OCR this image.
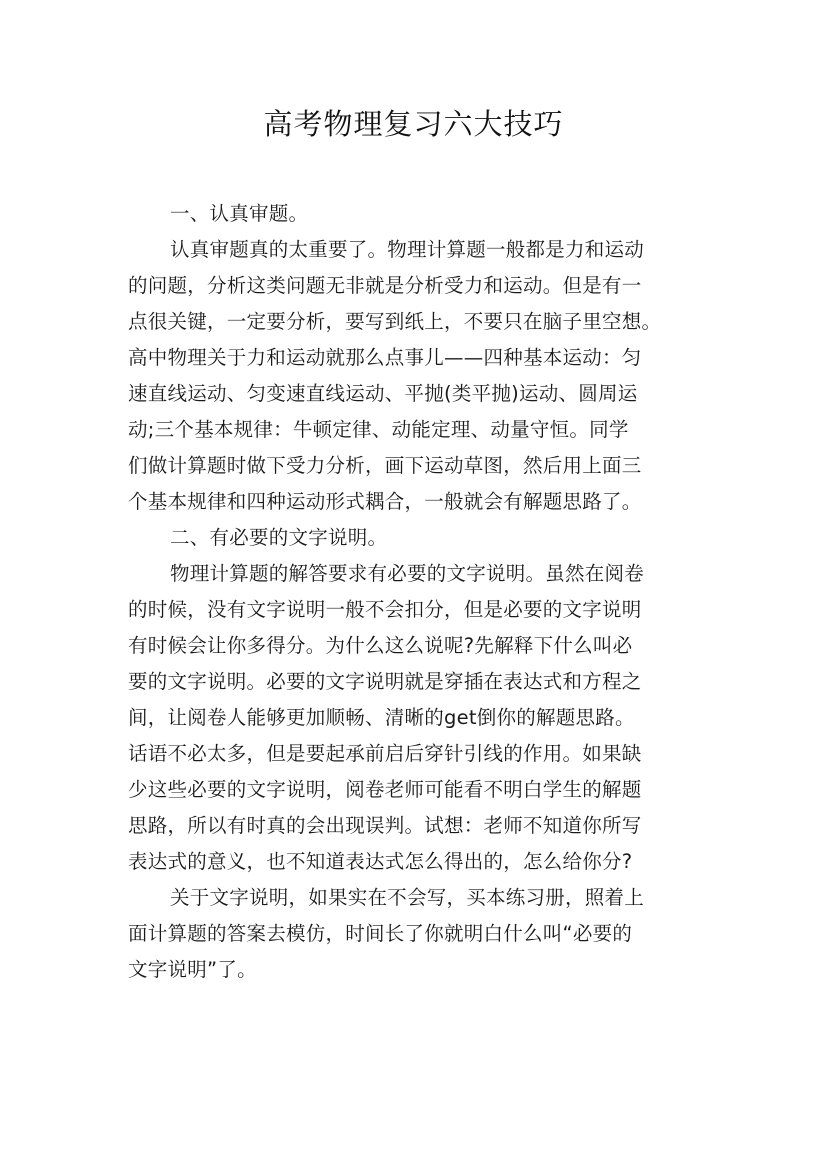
高考物理复习六大技巧
一、认真审题。
认真审题真的太重要了。物理计算题一般都是力和运动
的问题，分析这类问题无非就是分析受力和运动。但是有一
点很关键，一定要分析，要写到纸上，不要只在脑子里空想。
高中物理关于力和运动就那么点事儿——四种基本运动：匀
速直线运动、匀变速直线运动、平抛(类平抛)运动、圆周运
动;三个基本规律：牛顿定律、动能定理、动量守恒。同学
们做计算题时做下受力分析，画下运动草图，然后用上面三
个基本规律和四种运动形式耦合，一般就会有解题思路了。
二、有必要的文字说明。
物理计算题的解答要求有必要的文字说明。虽然在阅卷
的时候，没有文字说明一般不会扣分，但是必要的文字说明
有时候会让你多得分。为什么这么说呢?先解释下什么叫必
要的文字说明。必要的文字说明就是穿插在表达式和方程之
间，让阅卷人能够更加顺畅、清晰的get倒你的解题思路。
话语不必太多，但是要起承前启后穿针引线的作用。如果缺
少这些必要的文字说明，阅卷老师可能看不明白学生的解题
思路，所以有时真的会出现误判。试想：老师不知道你所写
表达式的意义，也不知道表达式怎么得出的，怎么给你分?
关于文字说明，如果实在不会写，买本练习册，照着上
面计算题的答案去模仿，时间长了你就明白什么叫“必要的
文字说明”了。
